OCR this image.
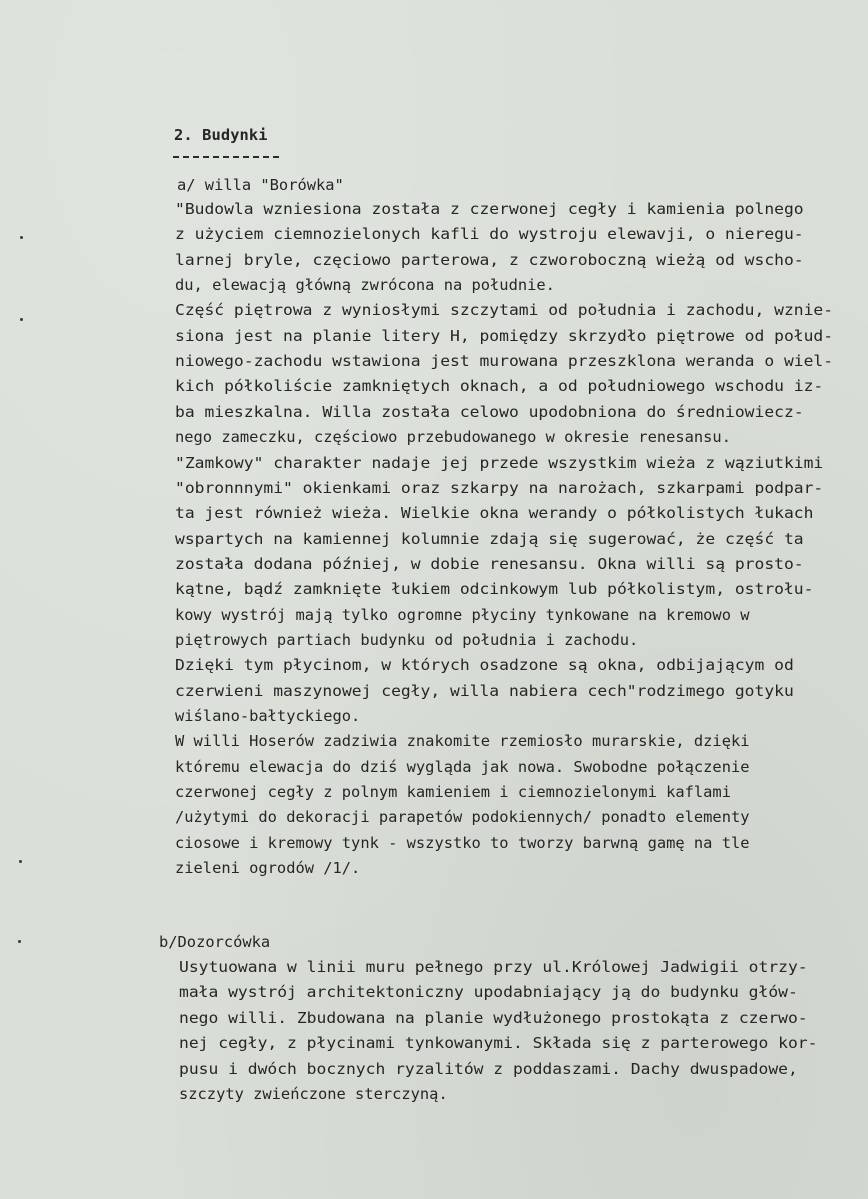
2. Budynki
a/ willa "Borówka"
"Budowla wzniesiona została z czerwonej cegły i kamienia polnego
z użyciem ciemnozielonych kafli do wystroju elewavji, o nieregu-
larnej bryle, częciowo parterowa, z czworoboczną wieżą od wscho-
du, elewacją główną zwrócona na południe.
Część piętrowa z wyniosłymi szczytami od południa i zachodu, wznie-
siona jest na planie litery H, pomiędzy skrzydło piętrowe od połud-
niowego-zachodu wstawiona jest murowana przeszklona weranda o wiel-
kich półkoliście zamkniętych oknach, a od południowego wschodu iz-
ba mieszkalna. Willa została celowo upodobniona do średniowiecz-
nego zameczku, częściowo przebudowanego w okresie renesansu.
"Zamkowy" charakter nadaje jej przede wszystkim wieża z wąziutkimi
"obronnnymi" okienkami oraz szkarpy na narożach, szkarpami podpar-
ta jest również wieża. Wielkie okna werandy o półkolistych łukach
wspartych na kamiennej kolumnie zdają się sugerować, że część ta
została dodana później, w dobie renesansu. Okna willi są prosto-
kątne, bądź zamknięte łukiem odcinkowym lub półkolistym, ostrołu-
kowy wystrój mają tylko ogromne płyciny tynkowane na kremowo w
piętrowych partiach budynku od południa i zachodu.
Dzięki tym płycinom, w których osadzone są okna, odbijającym od
czerwieni maszynowej cegły, willa nabiera cech"rodzimego gotyku
wiślano-bałtyckiego.
W willi Hoserów zadziwia znakomite rzemiosło murarskie, dzięki
któremu elewacja do dziś wygląda jak nowa. Swobodne połączenie
czerwonej cegły z polnym kamieniem i ciemnozielonymi kaflami
/użytymi do dekoracji parapetów podokiennych/ ponadto elementy
ciosowe i kremowy tynk - wszystko to tworzy barwną gamę na tle
zieleni ogrodów /1/.
b/Dozorcówka
Usytuowana w linii muru pełnego przy ul.Królowej Jadwigii otrzy-
mała wystrój architektoniczny upodabniający ją do budynku głów-
nego willi. Zbudowana na planie wydłużonego prostokąta z czerwo-
nej cegły, z płycinami tynkowanymi. Składa się z parterowego kor-
pusu i dwóch bocznych ryzalitów z poddaszami. Dachy dwuspadowe,
szczyty zwieńczone sterczyną.
